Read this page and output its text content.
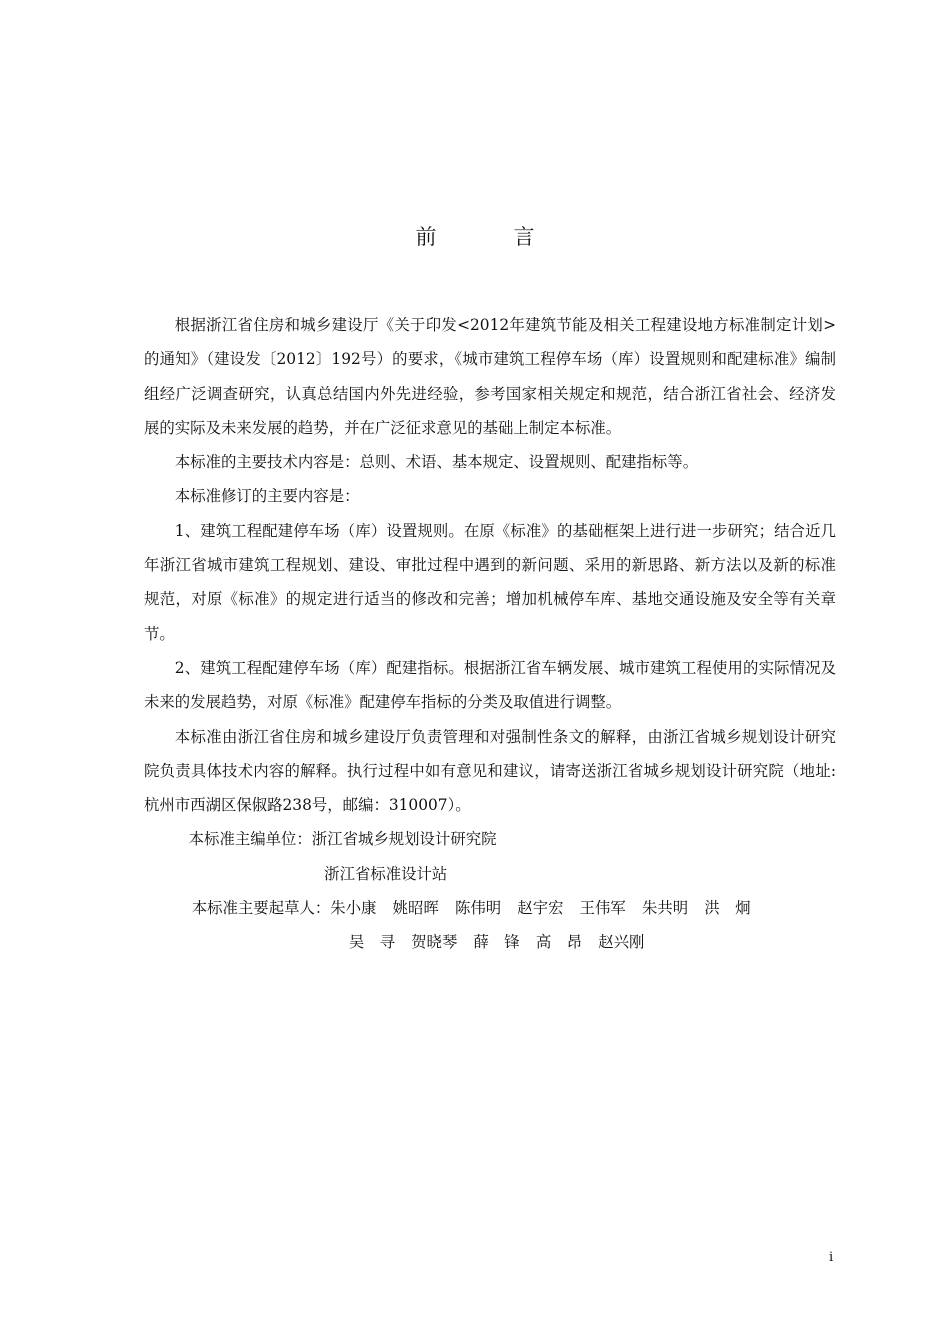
前　言

根据浙江省住房和城乡建设厅《关于印发<2012年建筑节能及相关工程建设地方标准制定计划>的通知》（建设发〔2012〕192号）的要求，《城市建筑工程停车场（库）设置规则和配建标准》编制组经广泛调查研究，认真总结国内外先进经验，参考国家相关规定和规范，结合浙江省社会、经济发展的实际及未来发展的趋势，并在广泛征求意见的基础上制定本标准。

本标准的主要技术内容是：总则、术语、基本规定、设置规则、配建指标等。

本标准修订的主要内容是：

1、建筑工程配建停车场（库）设置规则。在原《标准》的基础框架上进行进一步研究；结合近几年浙江省城市建筑工程规划、建设、审批过程中遇到的新问题、采用的新思路、新方法以及新的标准规范，对原《标准》的规定进行适当的修改和完善；增加机械停车库、基地交通设施及安全等有关章节。

2、建筑工程配建停车场（库）配建指标。根据浙江省车辆发展、城市建筑工程使用的实际情况及未来的发展趋势，对原《标准》配建停车指标的分类及取值进行调整。

本标准由浙江省住房和城乡建设厅负责管理和对强制性条文的解释，由浙江省城乡规划设计研究院负责具体技术内容的解释。执行过程中如有意见和建议，请寄送浙江省城乡规划设计研究院（地址:杭州市西湖区保俶路238号，邮编：310007）。

本标准主编单位：浙江省城乡规划设计研究院

浙江省标准设计站

本标准主要起草人：朱小康 姚昭晖 陈伟明 赵宇宏 王伟军 朱共明 洪　炯

吴　寻 贺晓琴 薛　锋 高　昂 赵兴刚

i
